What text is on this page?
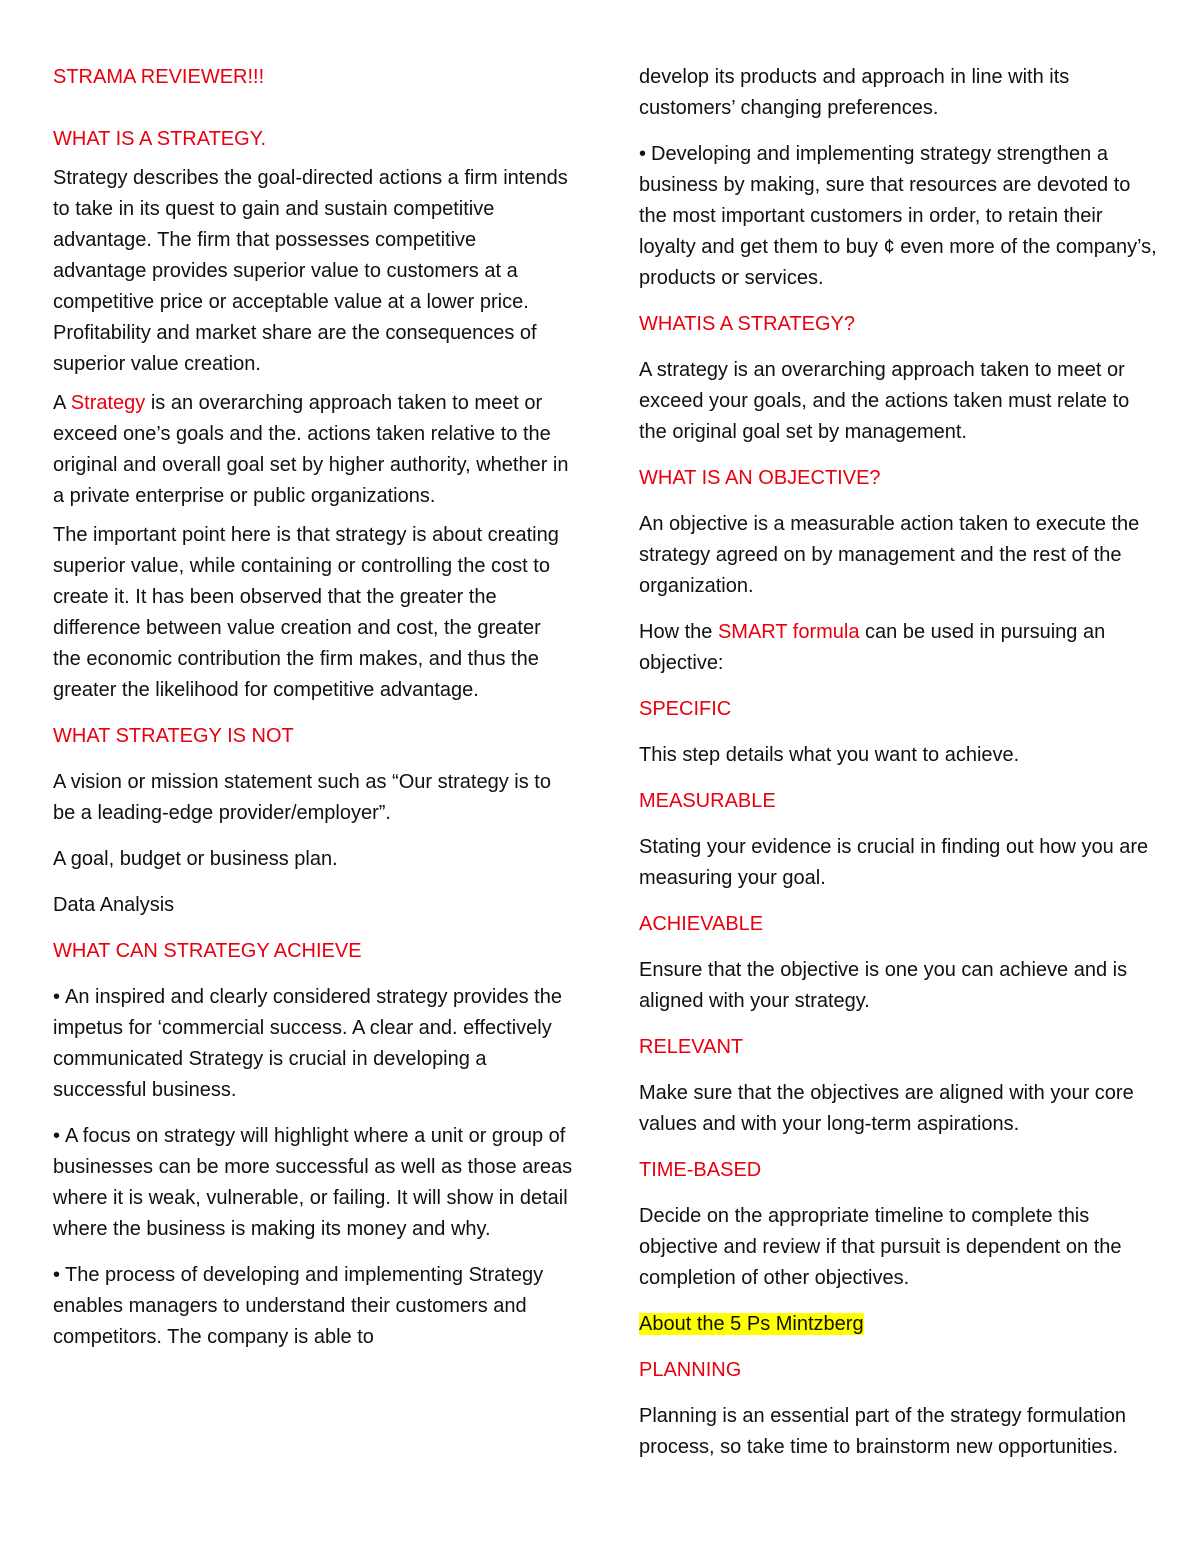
STRAMA REVIEWER!!!

WHAT IS A STRATEGY.

Strategy describes the goal-directed actions a firm intends to take in its quest to gain and sustain competitive advantage. The firm that possesses competitive advantage provides superior value to customers at a competitive price or acceptable value at a lower price. Profitability and market share are the consequences of superior value creation.

A Strategy is an overarching approach taken to meet or exceed one’s goals and the. actions taken relative to the original and overall goal set by higher authority, whether in a private enterprise or public organizations.

The important point here is that strategy is about creating superior value, while containing or controlling the cost to create it. It has been observed that the greater the difference between value creation and cost, the greater the economic contribution the firm makes, and thus the greater the likelihood for competitive advantage.

WHAT STRATEGY IS NOT

A vision or mission statement such as “Our strategy is to be a leading-edge provider/employer”.

A goal, budget or business plan.

Data Analysis

WHAT CAN STRATEGY ACHIEVE

• An inspired and clearly considered strategy provides the impetus for ‘commercial success. A clear and. effectively communicated Strategy is crucial in developing a successful business.

• A focus on strategy will highlight where a unit or group of businesses can be more successful as well as those areas where it is weak, vulnerable, or failing. It will show in detail where the business is making its money and why.

• The process of developing and implementing Strategy enables managers to understand their customers and competitors. The company is able to

develop its products and approach in line with its customers’ changing preferences.

• Developing and implementing strategy strengthen a business by making, sure that resources are devoted to the most important customers in order, to retain their loyalty and get them to buy ¢ even more of the company’s, products or services.

WHATIS A STRATEGY?

A strategy is an overarching approach taken to meet or exceed your goals, and the actions taken must relate to the original goal set by management.

WHAT IS AN OBJECTIVE?

An objective is a measurable action taken to execute the strategy agreed on by management and the rest of the organization.

How the SMART formula can be used in pursuing an objective:

SPECIFIC

This step details what you want to achieve.

MEASURABLE

Stating your evidence is crucial in finding out how you are measuring your goal.

ACHIEVABLE

Ensure that the objective is one you can achieve and is aligned with your strategy.

RELEVANT

Make sure that the objectives are aligned with your core values and with your long-term aspirations.

TIME-BASED

Decide on the appropriate timeline to complete this objective and review if that pursuit is dependent on the completion of other objectives.

About the 5 Ps Mintzberg

PLANNING

Planning is an essential part of the strategy formulation process, so take time to brainstorm new opportunities.
